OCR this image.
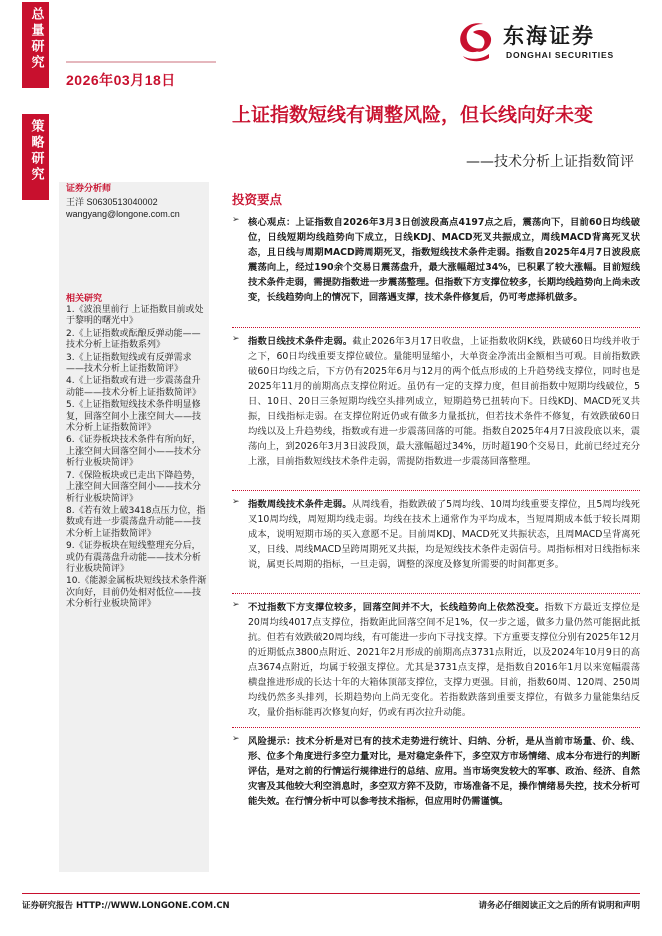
总量研究
策略研究
2026年03月18日
东海证券
DONGHAI SECURITIES
上证指数短线有调整风险，但长线向好未变
——技术分析上证指数简评
证券分析师
王洋 S0630513040002
wangyang@longone.com.cn
相关研究
1.《波浪里前行 上证指数目前或处于黎明的曙光中》
2.《上证指数或酝酿反弹动能——技术分析上证指数系列》
3.《上证指数短线或有反弹需求——技术分析上证指数简评》
4.《上证指数或有进一步震荡盘升动能——技术分析上证指数简评》
5.《上证指数短线技术条件明显修复，回落空间小上涨空间大——技术分析上证指数简评》
6.《证券板块技术条件有所向好，上涨空间大回落空间小——技术分析行业板块简评》
7.《保险板块或已走出下降趋势，上涨空间大回落空间小——技术分析行业板块简评》
8.《若有效上破3418点压力位，指数或有进一步震荡盘升动能——技术分析上证指数简评》
9.《证券板块在短线整理充分后，或仍有震荡盘升动能——技术分析行业板块简评》
10.《能源金属板块短线技术条件渐次向好，目前仍处相对低位——技术分析行业板块简评》
投资要点
➢ 核心观点：上证指数自2026年3月3日创波段高点4197点之后，震荡向下，目前60日均线破位，日线短期均线趋势向下成立，日线KDJ、MACD死叉共振成立，周线MACD背离死叉状态，且日线与周期MACD跨周期死叉，指数短线技术条件走弱。指数自2025年4月7日波段底震荡向上，经过190余个交易日震荡盘升，最大涨幅超过34%，已积累了较大涨幅。目前短线技术条件走弱，需提防指数进一步震荡整理。但指数下方支撑位较多，长期均线趋势向上尚未改变，长线趋势向上的情况下，回落遇支撑，技术条件修复后，仍可考虑择机做多。

➢ 指数日线技术条件走弱。截止2026年3月17日收盘，上证指数收阴K线，跌破60日均线并收于之下，60日均线重要支撑位破位。量能明显缩小，大单资金净流出金额相当可观。目前指数跌破60日均线之后，下方仍有2025年6月与12月的两个低点形成的上升趋势线支撑位，同时也是2025年11月的前期高点支撑位附近。虽仍有一定的支撑力度，但目前指数中短期均线破位，5日、10日、20日三条短期均线空头排列成立，短期趋势已扭转向下。日线KDJ、MACD死叉共振，日线指标走弱。在支撑位附近仍或有做多力量抵抗，但若技术条件不修复，有效跌破60日均线以及上升趋势线，指数或有进一步震荡回落的可能。指数自2025年4月7日波段底以来，震荡向上，到2026年3月3日波段顶，最大涨幅超过34%，历时超190个交易日，此前已经过充分上涨，目前指数短线技术条件走弱，需提防指数进一步震荡回落整理。

➢ 指数周线技术条件走弱。从周线看，指数跌破了5周均线、10周均线重要支撑位，且5周均线死叉10周均线，周短期均线走弱。均线在技术上通常作为平均成本，当短周期成本低于较长周期成本，说明短期市场的买入意愿不足。目前周KDJ、MACD死叉共振状态，且周MACD呈背离死叉，日线、周线MACD呈跨周期死叉共振，均是短线技术条件走弱信号。周指标相对日线指标来说，属更长周期的指标，一旦走弱，调整的深度及修复所需要的时间都更多。

➢ 不过指数下方支撑位较多，回落空间并不大，长线趋势向上依然没变。指数下方最近支撑位是20周均线4017点支撑位，指数距此回落空间不足1%，仅一步之遥，做多力量仍然可能据此抵抗。但若有效跌破20周均线，有可能进一步向下寻找支撑。下方重要支撑位分别有2025年12月的近期低点3800点附近、2021年2月形成的前期高点3731点附近，以及2024年10月9日的高点3674点附近，均属于较强支撑位。尤其是3731点支撑，是指数自2016年1月以来宽幅震荡横盘推进形成的长达十年的大箱体顶部支撑位，支撑力更强。目前，指数60周、120周、250周均线仍然多头排列，长期趋势向上尚无变化。若指数跌落到重要支撑位，有做多力量能集结反攻，量价指标能再次修复向好，仍或有再次拉升动能。

➢ 风险提示：技术分析是对已有的技术走势进行统计、归纳、分析，是从当前市场量、价、线、形、位多个角度进行多空力量对比，是对稳定条件下，多空双方市场情绪、成本分布进行的判断评估，是对之前的行情运行规律进行的总结、应用。当市场突发较大的军事、政治、经济、自然灾害及其他较大利空消息时，多空双方猝不及防，市场准备不足，操作情绪易失控，技术分析可能失效。在行情分析中可以参考技术指标，但应用时仍需谨慎。

证券研究报告 HTTP://WWW.LONGONE.COM.CN	请务必仔细阅读正文之后的所有说明和声明
